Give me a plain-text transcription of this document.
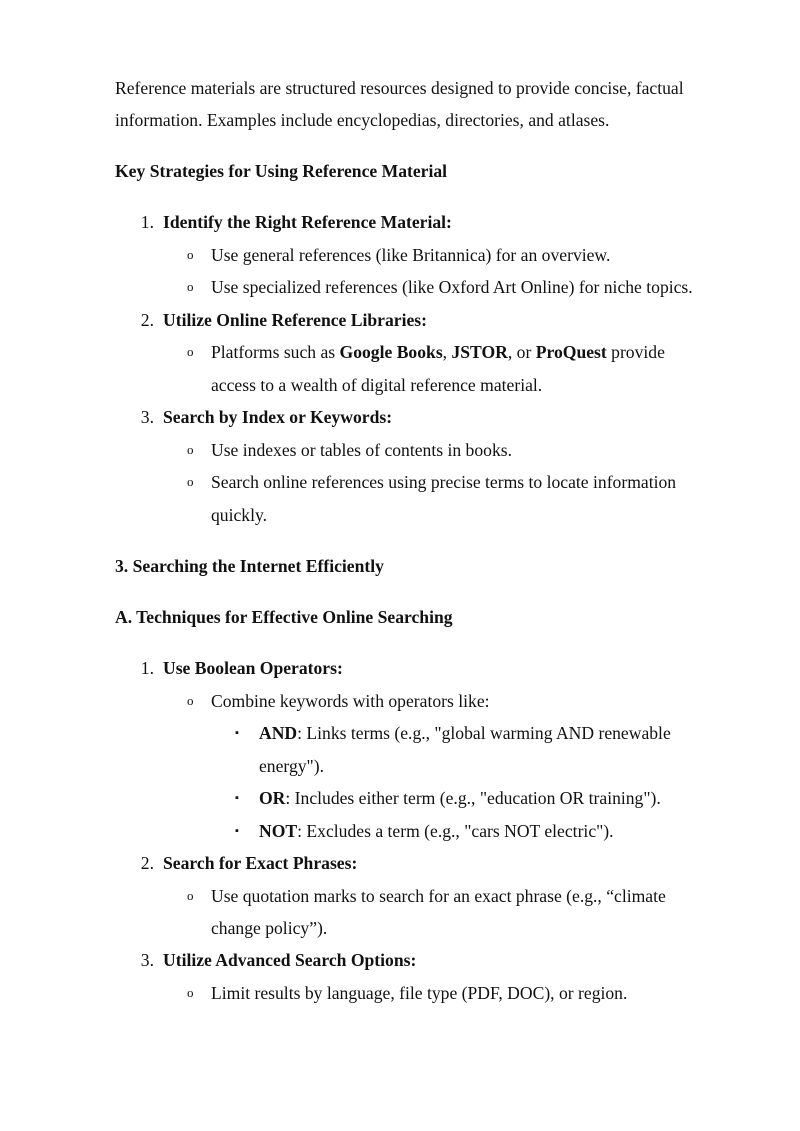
Reference materials are structured resources designed to provide concise, factual
information. Examples include encyclopedias, directories, and atlases.
Key Strategies for Using Reference Material
1. Identify the Right Reference Material:
o Use general references (like Britannica) for an overview.
o Use specialized references (like Oxford Art Online) for niche topics.
2. Utilize Online Reference Libraries:
o Platforms such as Google Books, JSTOR, or ProQuest provide
access to a wealth of digital reference material.
3. Search by Index or Keywords:
o Use indexes or tables of contents in books.
o Search online references using precise terms to locate information
quickly.
3. Searching the Internet Efficiently
A. Techniques for Effective Online Searching
1. Use Boolean Operators:
o Combine keywords with operators like:
▪ AND: Links terms (e.g., "global warming AND renewable
energy").
▪ OR: Includes either term (e.g., "education OR training").
▪ NOT: Excludes a term (e.g., "cars NOT electric").
2. Search for Exact Phrases:
o Use quotation marks to search for an exact phrase (e.g., “climate
change policy”).
3. Utilize Advanced Search Options:
o Limit results by language, file type (PDF, DOC), or region.
